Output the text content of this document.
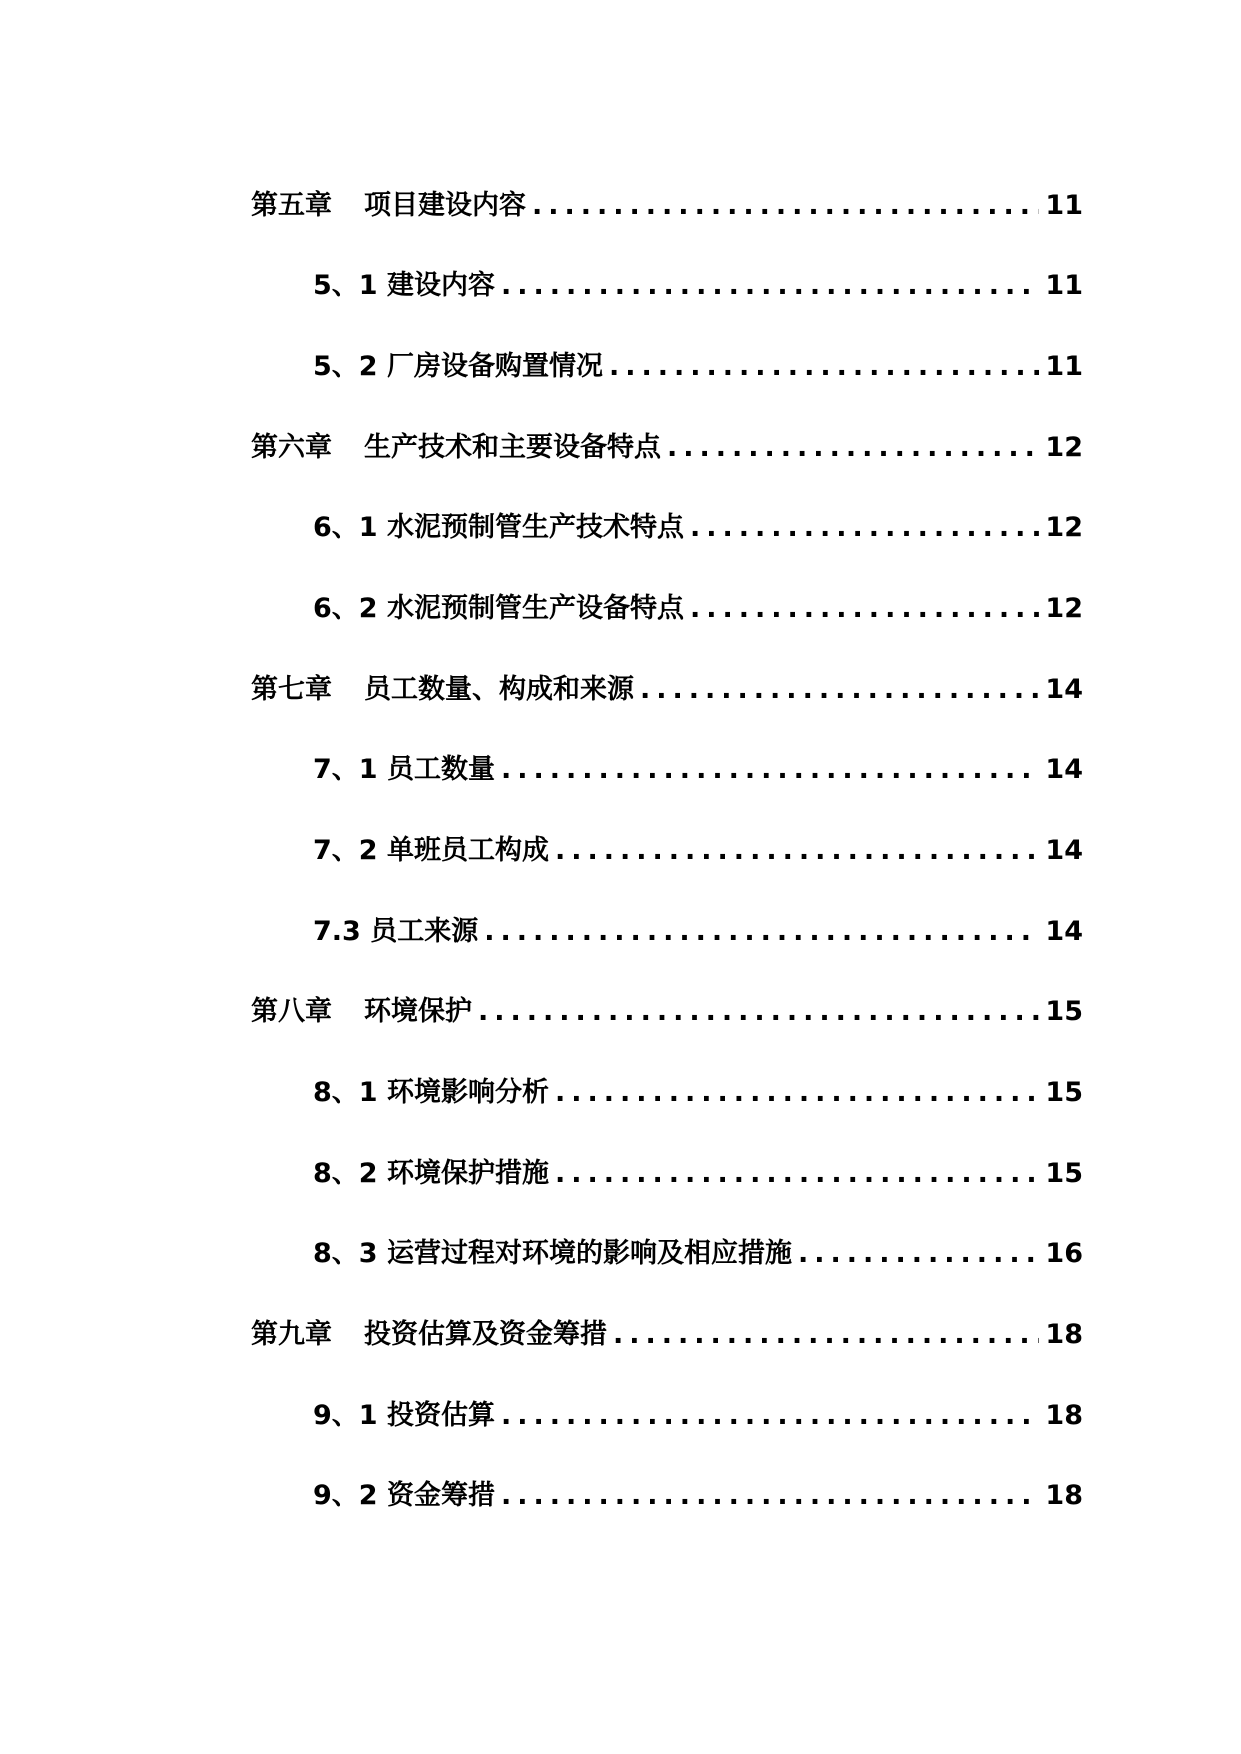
第五章 项目建设内容 .....	11
5、1 建设内容 .....	11
5、2 厂房设备购置情况 .....	11
第六章 生产技术和主要设备特点 .....	12
6、1 水泥预制管生产技术特点 .....	12
6、2 水泥预制管生产设备特点 .....	12
第七章 员工数量、构成和来源 .....	14
7、1 员工数量 .....	14
7、2 单班员工构成 .....	14
7.3 员工来源 .....	14
第八章 环境保护 .....	15
8、1 环境影响分析 .....	15
8、2 环境保护措施 .....	15
8、3 运营过程对环境的影响及相应措施 .....	16
第九章 投资估算及资金筹措 .....	18
9、1 投资估算 .....	18
9、2 资金筹措 .....	18
